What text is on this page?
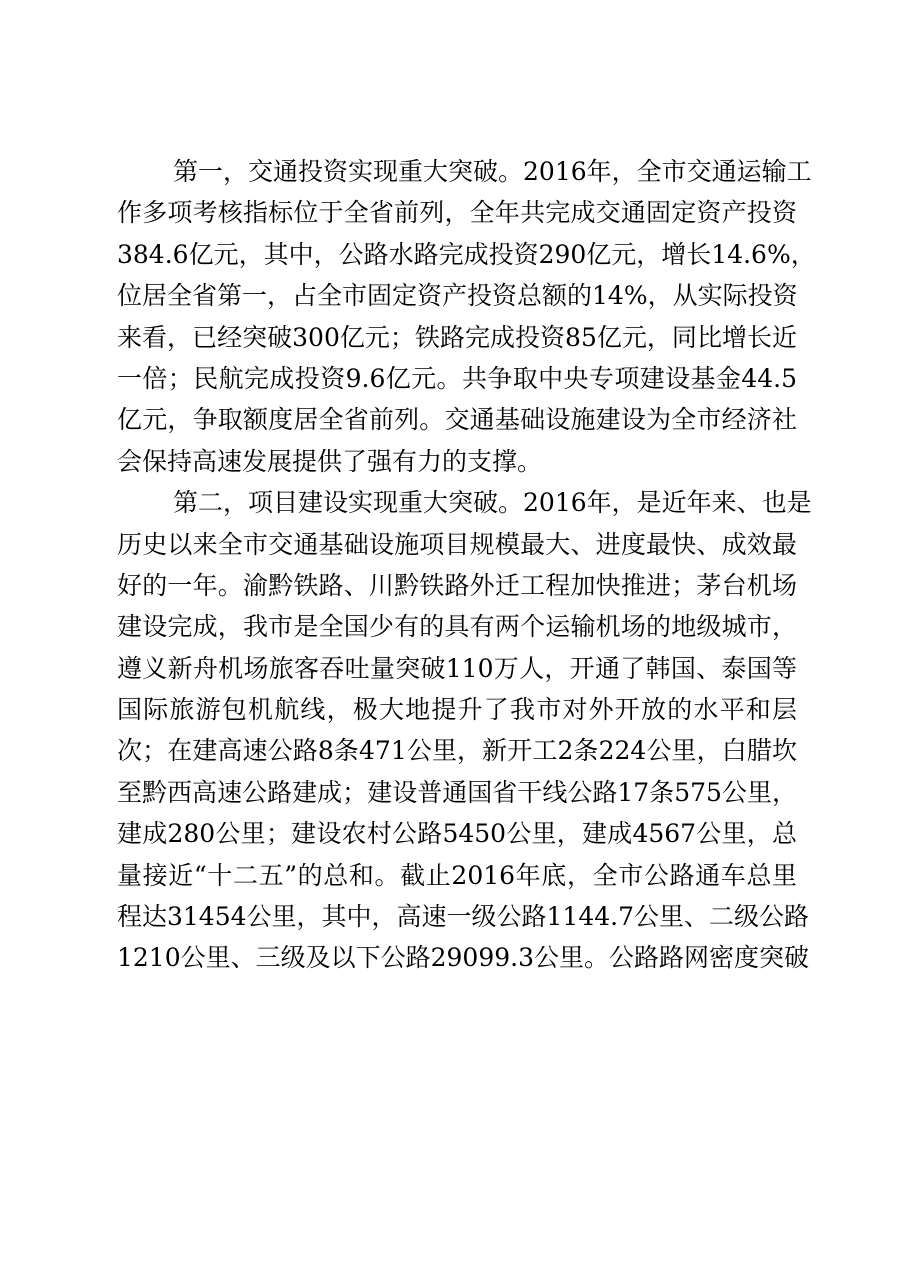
第一，交通投资实现重大突破。2016年，全市交通运输工
作多项考核指标位于全省前列，全年共完成交通固定资产投资
384.6亿元，其中，公路水路完成投资290亿元，增长14.6%，
位居全省第一，占全市固定资产投资总额的14%，从实际投资
来看，已经突破300亿元；铁路完成投资85亿元，同比增长近
一倍；民航完成投资9.6亿元。共争取中央专项建设基金44.5
亿元，争取额度居全省前列。交通基础设施建设为全市经济社
会保持高速发展提供了强有力的支撑。
第二，项目建设实现重大突破。2016年，是近年来、也是
历史以来全市交通基础设施项目规模最大、进度最快、成效最
好的一年。渝黔铁路、川黔铁路外迁工程加快推进；茅台机场
建设完成，我市是全国少有的具有两个运输机场的地级城市，
遵义新舟机场旅客吞吐量突破110万人，开通了韩国、泰国等
国际旅游包机航线，极大地提升了我市对外开放的水平和层
次；在建高速公路8条471公里，新开工2条224公里，白腊坎
至黔西高速公路建成；建设普通国省干线公路17条575公里，
建成280公里；建设农村公路5450公里，建成4567公里，总
量接近“十二五”的总和。截止2016年底，全市公路通车总里
程达31454公里，其中，高速一级公路1144.7公里、二级公路
1210公里、三级及以下公路29099.3公里。公路路网密度突破
